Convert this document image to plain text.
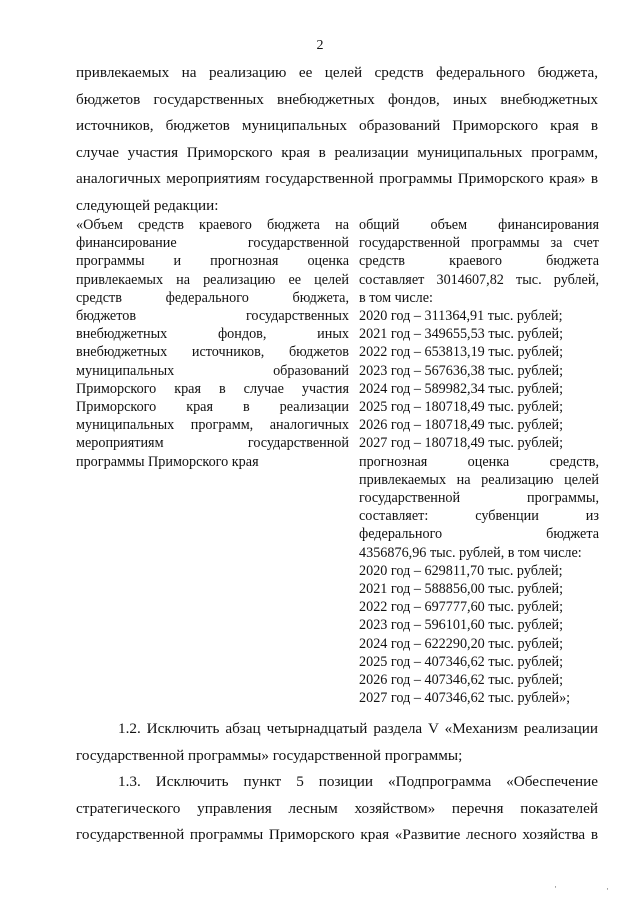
2
привлекаемых на реализацию ее целей средств федерального бюджета,
бюджетов государственных внебюджетных фондов, иных внебюджетных
источников, бюджетов муниципальных образований Приморского края в
случае участия Приморского края в реализации муниципальных программ,
аналогичных мероприятиям государственной программы Приморского края» в
следующей редакции:
«Объем средств краевого бюджета на
финансирование государственной
программы и прогнозная оценка
привлекаемых на реализацию ее целей
средств федерального бюджета,
бюджетов государственных
внебюджетных фондов, иных
внебюджетных источников, бюджетов
муниципальных образований
Приморского края в случае участия
Приморского края в реализации
муниципальных программ, аналогичных
мероприятиям государственной
программы Приморского края
общий объем финансирования
государственной программы за счет
средств краевого бюджета
составляет 3014607,82 тыс. рублей,
в том числе:
2020 год – 311364,91 тыс. рублей;
2021 год – 349655,53 тыс. рублей;
2022 год – 653813,19 тыс. рублей;
2023 год – 567636,38 тыс. рублей;
2024 год – 589982,34 тыс. рублей;
2025 год – 180718,49 тыс. рублей;
2026 год – 180718,49 тыс. рублей;
2027 год – 180718,49 тыс. рублей;
прогнозная оценка средств,
привлекаемых на реализацию целей
государственной программы,
составляет: субвенции из
федерального бюджета
4356876,96 тыс. рублей, в том числе:
2020 год – 629811,70 тыс. рублей;
2021 год – 588856,00 тыс. рублей;
2022 год – 697777,60 тыс. рублей;
2023 год – 596101,60 тыс. рублей;
2024 год – 622290,20 тыс. рублей;
2025 год – 407346,62 тыс. рублей;
2026 год – 407346,62 тыс. рублей;
2027 год – 407346,62 тыс. рублей»;
1.2. Исключить абзац четырнадцатый раздела V «Механизм реализации
государственной программы» государственной программы;
1.3. Исключить пункт 5 позиции «Подпрограмма «Обеспечение
стратегического управления лесным хозяйством» перечня показателей
государственной программы Приморского края «Развитие лесного хозяйства в
·	·
